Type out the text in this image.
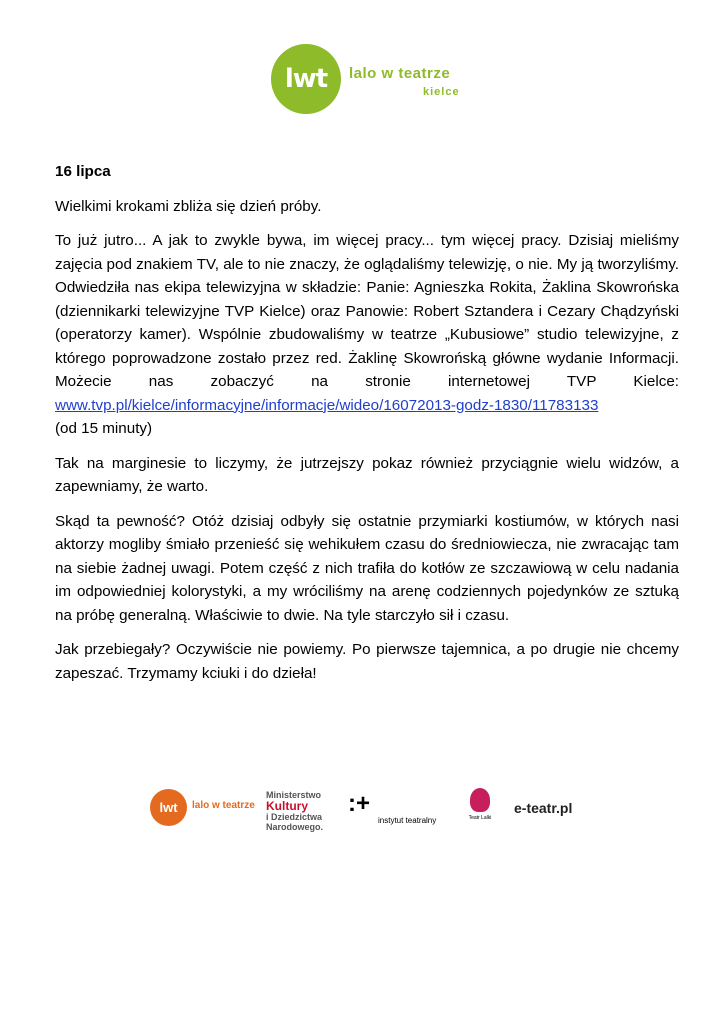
lwt lalo w teatrze
kielce

16 lipca

Wielkimi krokami zbliża się dzień próby.

To już jutro... A jak to zwykle bywa, im więcej pracy... tym więcej pracy. Dzisiaj mieliśmy zajęcia pod znakiem TV, ale to nie znaczy, że oglądaliśmy telewizję, o nie. My ją tworzyliśmy. Odwiedziła nas ekipa telewizyjna w składzie: Panie: Agnieszka Rokita, Żaklina Skowrońska (dziennikarki telewizyjne TVP Kielce) oraz Panowie: Robert Sztandera i Cezary Chądzyński (operatorzy kamer). Wspólnie zbudowaliśmy w teatrze „Kubusiowe” studio telewizyjne, z którego poprowadzone zostało przez red. Żaklinę Skowrońską główne wydanie Informacji. Możecie nas zobaczyć na stronie internetowej TVP Kielce: www.tvp.pl/kielce/informacyjne/informacje/wideo/16072013-godz-1830/11783133
(od 15 minuty)

Tak na marginesie to liczymy, że jutrzejszy pokaz również przyciągnie wielu widzów, a zapewniamy, że warto.

Skąd ta pewność? Otóż dzisiaj odbyły się ostatnie przymiarki kostiumów, w których nasi aktorzy mogliby śmiało przenieść się wehikułem czasu do średniowiecza, nie zwracając tam na siebie żadnej uwagi. Potem część z nich trafiła do kotłów ze szczawiową w celu nadania im odpowiedniej kolorystyki, a my wróciliśmy na arenę codziennych pojedynków ze sztuką na próbę generalną. Właściwie to dwie. Na tyle starczyło sił i czasu.

Jak przebiegały? Oczywiście nie powiemy. Po pierwsze tajemnica, a po drugie nie chcemy zapeszać. Trzymamy kciuki i do dzieła!

lwt	lalo w teatrze
Ministerstwo
Kultury
i Dziedzictwa
Narodowego.
:+
instytut teatralny	Teatr Lalki
e-teatr.pl
